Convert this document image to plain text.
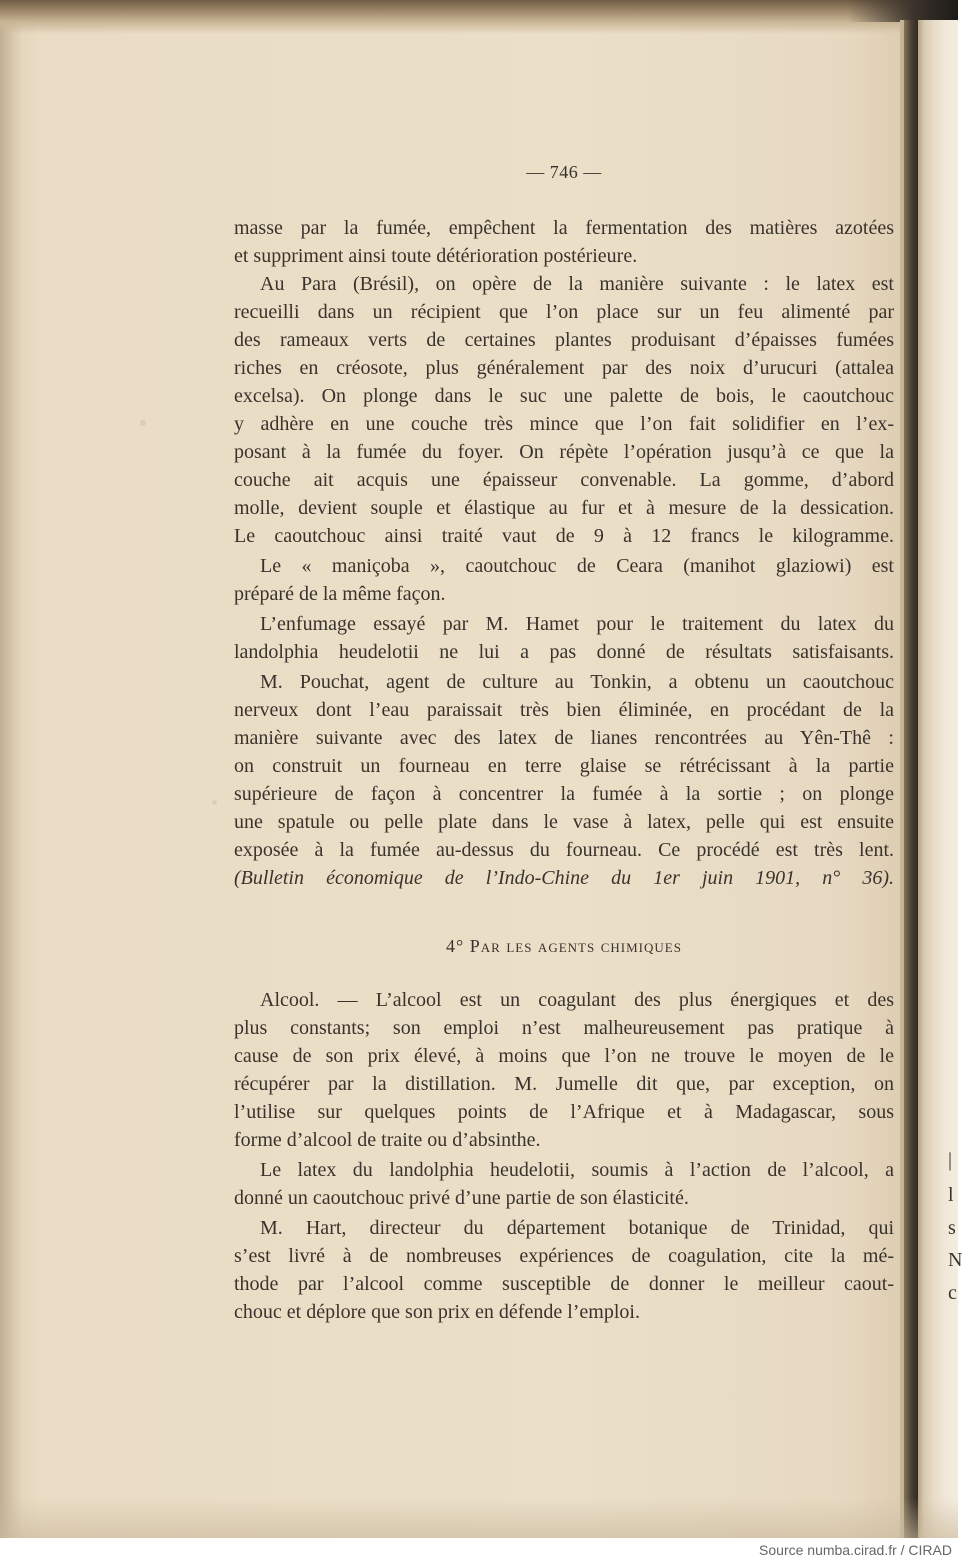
|
l
s
N
c
— 746 —
masse par la fumée, empêchent la fermentation des matières azotées
et suppriment ainsi toute détérioration postérieure.
Au Para (Brésil), on opère de la manière suivante : le latex est
recueilli dans un récipient que l’on place sur un feu alimenté par
des rameaux verts de certaines plantes produisant d’épaisses fumées
riches en créosote, plus généralement par des noix d’urucuri (attalea
excelsa). On plonge dans le suc une palette de bois, le caoutchouc
y adhère en une couche très mince que l’on fait solidifier en l’ex-
posant à la fumée du foyer. On répète l’opération jusqu’à ce que la
couche ait acquis une épaisseur convenable. La gomme, d’abord
molle, devient souple et élastique au fur et à mesure de la dessication.
Le caoutchouc ainsi traité vaut de 9 à 12 francs le kilogramme.
Le « maniçoba », caoutchouc de Ceara (manihot glaziowi) est
préparé de la même façon.
L’enfumage essayé par M. Hamet pour le traitement du latex du
landolphia heudelotii ne lui a pas donné de résultats satisfaisants.
M. Pouchat, agent de culture au Tonkin, a obtenu un caoutchouc
nerveux dont l’eau paraissait très bien éliminée, en procédant de la
manière suivante avec des latex de lianes rencontrées au Yên-Thê :
on construit un fourneau en terre glaise se rétrécissant à la partie
supérieure de façon à concentrer la fumée à la sortie ; on plonge
une spatule ou pelle plate dans le vase à latex, pelle qui est ensuite
exposée à la fumée au-dessus du fourneau. Ce procédé est très lent.
(Bulletin économique de l’Indo-Chine du 1er juin 1901, n° 36).
4° Par les agents chimiques
Alcool. — L’alcool est un coagulant des plus énergiques et des
plus constants; son emploi n’est malheureusement pas pratique à
cause de son prix élevé, à moins que l’on ne trouve le moyen de le
récupérer par la distillation. M. Jumelle dit que, par exception, on
l’utilise sur quelques points de l’Afrique et à Madagascar, sous
forme d’alcool de traite ou d’absinthe.
Le latex du landolphia heudelotii, soumis à l’action de l’alcool, a
donné un caoutchouc privé d’une partie de son élasticité.
M. Hart, directeur du département botanique de Trinidad, qui
s’est livré à de nombreuses expériences de coagulation, cite la mé-
thode par l’alcool comme susceptible de donner le meilleur caout-
chouc et déplore que son prix en défende l’emploi.
Source numba.cirad.fr / CIRAD
